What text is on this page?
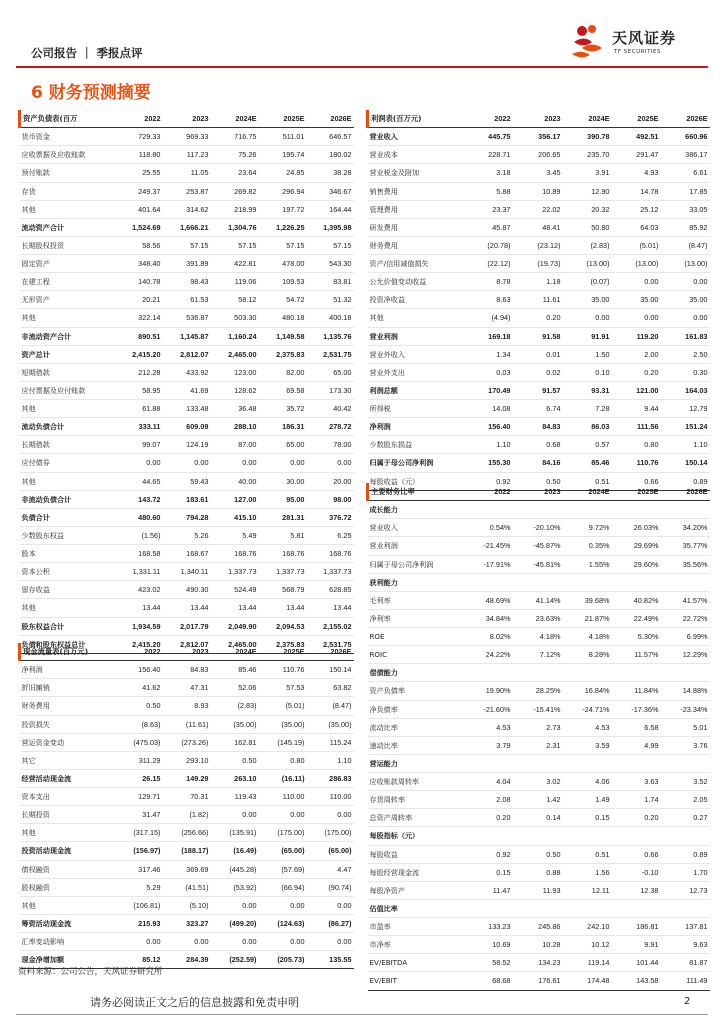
公司报告 ｜ 季报点评
天风证券
TF SECURITIES
6 财务预测摘要
资产负债表(百万	2022	2023	2024E	2025E	2026E
货币资金	729.33	969.33	716.75	511.01	646.57
应收票据及应收账款	118.80	117.23	75.26	195.74	180.02
预付账款	25.55	11.05	23.64	24.85	38.28
存货	249.37	253.87	269.82	296.94	346.67
其他	401.64	314.62	218.99	197.72	164.44
流动资产合计	1,524.69	1,666.21	1,304.76	1,226.25	1,395.98
长期股权投资	58.56	57.15	57.15	57.15	57.15
固定资产	348.40	391.89	422.81	478.00	543.30
在建工程	140.78	98.43	119.06	109.53	83.81
无形资产	20.21	61.53	58.12	54.72	51.32
其他	322.14	536.87	503.30	480.18	400.18
非流动资产合计	890.51	1,145.87	1,160.24	1,149.58	1,135.76
资产总计	2,415.20	2,812.07	2,465.00	2,375.83	2,531.75
短期借款	212.28	433.92	123.00	82.00	65.00
应付票据及应付账款	58.95	41.69	128.62	69.58	173.30
其他	61.88	133.48	36.48	35.72	40.42
流动负债合计	333.11	609.09	288.10	186.31	278.72
长期借款	99.07	124.19	87.00	65.00	78.00
应付债券	0.00	0.00	0.00	0.00	0.00
其他	44.65	59.43	40.00	30.00	20.00
非流动负债合计	143.72	183.61	127.00	95.00	98.00
负债合计	480.60	794.28	415.10	281.31	376.72
少数股东权益	(1.56)	5.26	5.49	5.81	6.25
股本	168.58	168.67	168.76	168.76	168.76
资本公积	1,331.11	1,340.11	1,337.73	1,337.73	1,337.73
留存收益	423.02	490.30	524.49	568.79	628.85
其他	13.44	13.44	13.44	13.44	13.44
股东权益合计	1,934.59	2,017.79	2,049.90	2,094.53	2,155.02
负债和股东权益总计	2,415.20	2,812.07	2,465.00	2,375.83	2,531.75
利润表(百万元)	2022	2023	2024E	2025E	2026E
营业收入	445.75	356.17	390.78	492.51	660.96
营业成本	228.71	206.65	235.70	291.47	386.17
营业税金及附加	3.18	3.45	3.91	4.93	6.61
销售费用	5.88	10.89	12.90	14.78	17.85
管理费用	23.37	22.02	20.32	25.12	33.05
研发费用	45.87	48.41	50.80	64.03	85.92
财务费用	(20.78)	(23.12)	(2.83)	(5.01)	(8.47)
资产/信用减值损失	(22.12)	(19.73)	(13.00)	(13.00)	(13.00)
公允价值变动收益	8.78	1.18	(0.07)	0.00	0.00
投资净收益	8.63	11.61	35.00	35.00	35.00
其他	(4.94)	0.20	0.00	0.00	0.00
营业利润	169.18	91.58	91.91	119.20	161.83
营业外收入	1.34	0.01	1.50	2.00	2.50
营业外支出	0.03	0.02	0.10	0.20	0.30
利润总额	170.49	91.57	93.31	121.00	164.03
所得税	14.08	6.74	7.28	9.44	12.79
净利润	156.40	84.83	86.03	111.56	151.24
少数股东损益	1.10	0.68	0.57	0.80	1.10
归属于母公司净利润	155.30	84.16	85.46	110.76	150.14
每股收益（元）	0.92	0.50	0.51	0.66	0.89
现金流量表(百万元)	2022	2023	2024E	2025E	2026E
净利润	156.40	84.83	85.46	110.76	150.14
折旧摊销	41.62	47.31	52.06	57.53	63.82
财务费用	0.50	8.93	(2.83)	(5.01)	(8.47)
投资损失	(8.63)	(11.61)	(35.00)	(35.00)	(35.00)
营运资金变动	(475.03)	(273.26)	162.81	(145.19)	115.24
其它	311.29	293.10	0.50	0.80	1.10
经营活动现金流	26.15	149.29	263.10	(16.11)	286.83
资本支出	129.71	70.31	119.43	110.00	110.00
长期投资	31.47	(1.82)	0.00	0.00	0.00
其他	(317.15)	(256.66)	(135.91)	(175.00)	(175.00)
投资活动现金流	(156.97)	(188.17)	(16.49)	(65.00)	(65.00)
债权融资	317.46	369.69	(445.28)	(57.69)	4.47
股权融资	5.29	(41.51)	(53.92)	(66.94)	(90.74)
其他	(106.81)	(5.10)	0.00	0.00	0.00
筹资活动现金流	215.93	323.27	(499.20)	(124.63)	(86.27)
汇率变动影响	0.00	0.00	0.00	0.00	0.00
现金净增加额	85.12	284.39	(252.59)	(205.73)	135.55
主要财务比率	2022	2023	2024E	2025E	2026E
成长能力					
营业收入	0.54%	-20.10%	9.72%	26.03%	34.20%
营业利润	-21.45%	-45.87%	0.35%	29.69%	35.77%
归属于母公司净利润	-17.91%	-45.81%	1.55%	29.60%	35.56%
获利能力					
毛利率	48.69%	41.14%	39.68%	40.82%	41.57%
净利率	34.84%	23.63%	21.87%	22.49%	22.72%
ROE	8.02%	4.18%	4.18%	5.30%	6.99%
ROIC	24.22%	7.12%	8.28%	11.57%	12.29%
偿债能力					
资产负债率	19.90%	28.25%	16.84%	11.84%	14.88%
净负债率	-21.60%	-15.41%	-24.71%	-17.36%	-23.34%
流动比率	4.53	2.73	4.53	6.58	5.01
速动比率	3.79	2.31	3.59	4.99	3.76
营运能力					
应收账款周转率	4.04	3.02	4.06	3.63	3.52
存货周转率	2.08	1.42	1.49	1.74	2.05
总资产周转率	0.20	0.14	0.15	0.20	0.27
每股指标（元）					
每股收益	0.92	0.50	0.51	0.66	0.89
每股经营现金流	0.15	0.88	1.56	-0.10	1.70
每股净资产	11.47	11.93	12.11	12.38	12.73
估值比率					
市盈率	133.23	245.86	242.10	186.81	137.81
市净率	10.69	10.28	10.12	9.91	9.63
EV/EBITDA	58.52	134.23	119.14	101.44	81.87
EV/EBIT	68.68	176.61	174.48	143.58	111.49
资料来源：公司公告，天风证券研究所
请务必阅读正文之后的信息披露和免责申明	2
